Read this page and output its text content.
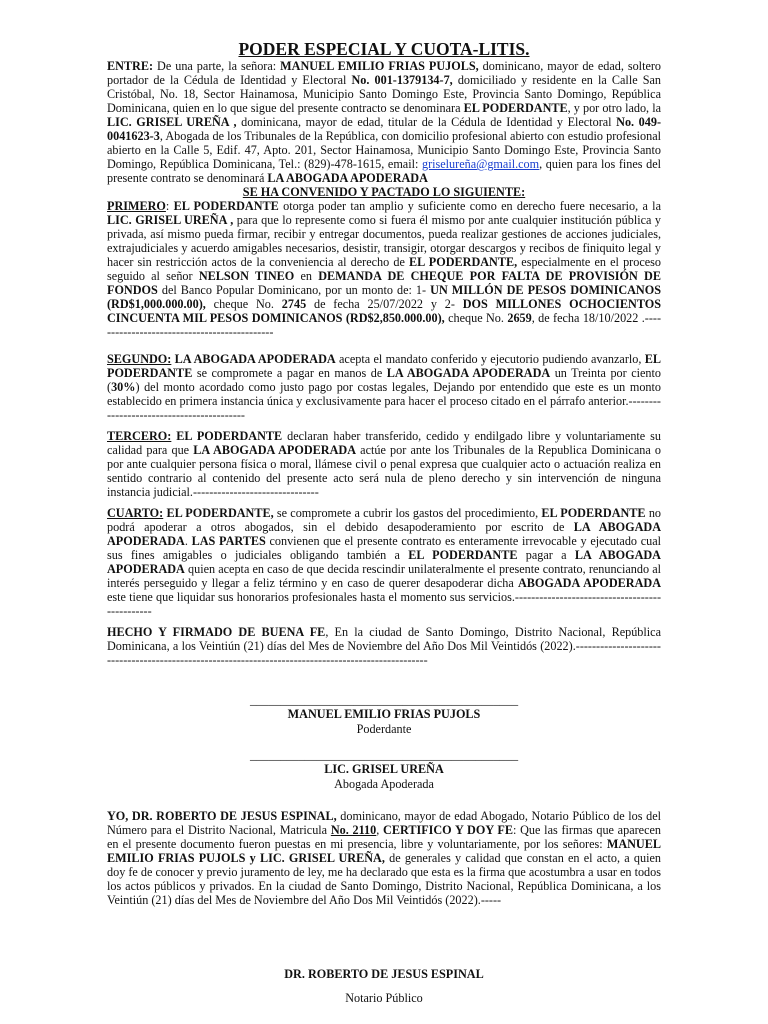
PODER ESPECIAL Y CUOTA-LITIS.

ENTRE: De una parte, la señora: MANUEL EMILIO FRIAS PUJOLS, dominicano, mayor de edad, soltero portador de la Cédula de Identidad y Electoral No. 001-1379134-7, domiciliado y residente en la Calle San Cristóbal, No. 18, Sector Hainamosa, Municipio Santo Domingo Este, Provincia Santo Domingo, República Dominicana, quien en lo que sigue del presente contracto se denominara EL PODERDANTE, y por otro lado, la LIC. GRISEL UREÑA , dominicana, mayor de edad, titular de la Cédula de Identidad y Electoral No. 049-0041623-3, Abogada de los Tribunales de la República, con domicilio profesional abierto con estudio profesional abierto en la Calle 5, Edif. 47, Apto. 201, Sector Hainamosa, Municipio Santo Domingo Este, Provincia Santo Domingo, República Dominicana, Tel.: (829)-478-1615, email: griselureña@gmail.com, quien para los fines del presente contrato se denominará LA ABOGADA APODERADA

SE HA CONVENIDO Y PACTADO LO SIGUIENTE:

PRIMERO: EL PODERDANTE otorga poder tan amplio y suficiente como en derecho fuere necesario, a la LIC. GRISEL UREÑA , para que lo represente como si fuera él mismo por ante cualquier institución pública y privada, así mismo pueda firmar, recibir y entregar documentos, pueda realizar gestiones de acciones judiciales, extrajudiciales y acuerdo amigables necesarios, desistir, transigir, otorgar descargos y recibos de finiquito legal y hacer sin restricción actos de la conveniencia al derecho de EL PODERDANTE, especialmente en el proceso seguido al señor NELSON TINEO en DEMANDA DE CHEQUE POR FALTA DE PROVISIÓN DE FONDOS del Banco Popular Dominicano, por un monto de: 1- UN MILLÓN DE PESOS DOMINICANOS (RD$1,000.000.00), cheque No. 2745 de fecha 25/07/2022 y 2- DOS MILLONES OCHOCIENTOS CINCUENTA MIL PESOS DOMINICANOS (RD$2,850.000.00), cheque No. 2659, de fecha 18/10/2022 .---------------------------------------------

SEGUNDO: LA ABOGADA APODERADA acepta el mandato conferido y ejecutorio pudiendo avanzarlo, EL PODERDANTE se compromete a pagar en manos de LA ABOGADA APODERADA un Treinta por ciento (30%) del monto acordado como justo pago por costas legales, Dejando por entendido que este es un monto establecido en primera instancia única y exclusivamente para hacer el proceso citado en el párrafo anterior.------------------------------------------

TERCERO: EL PODERDANTE declaran haber transferido, cedido y endilgado libre y voluntariamente su calidad para que LA ABOGADA APODERADA actúe por ante los Tribunales de la Republica Dominicana o por ante cualquier persona física o moral, llámese civil o penal expresa que cualquier acto o actuación realiza en sentido contrario al contenido del presente acto será nula de pleno derecho y sin intervención de ninguna instancia judicial.-------------------------------

CUARTO: EL PODERDANTE, se compromete a cubrir los gastos del procedimiento, EL PODERDANTE no podrá apoderar a otros abogados, sin el debido desapoderamiento por escrito de LA ABOGADA APODERADA. LAS PARTES convienen que el presente contrato es enteramente irrevocable y ejecutado cual sus fines amigables o judiciales obligando también a EL PODERDANTE pagar a LA ABOGADA APODERADA quien acepta en caso de que decida rescindir unilateralmente el presente contrato, renunciando al interés perseguido y llegar a feliz término y en caso de querer desapoderar dicha ABOGADA APODERADA este tiene que liquidar sus honorarios profesionales hasta el momento sus servicios.-----------------------------------------------

HECHO Y FIRMADO DE BUENA FE, En la ciudad de Santo Domingo, Distrito Nacional, República Dominicana, a los Veintiún (21) días del Mes de Noviembre del Año Dos Mil Veintidós (2022).----------------------------------------------------------------------------------------------------

____________________________________________
MANUEL EMILIO FRIAS PUJOLS
Poderdante
____________________________________________
LIC. GRISEL UREÑA
Abogada Apoderada

YO, DR. ROBERTO DE JESUS ESPINAL, dominicano, mayor de edad Abogado, Notario Público de los del Número para el Distrito Nacional, Matricula No. 2110, CERTIFICO Y DOY FE: Que las firmas que aparecen en el presente documento fueron puestas en mi presencia, libre y voluntariamente, por los señores: MANUEL EMILIO FRIAS PUJOLS y LIC. GRISEL UREÑA, de generales y calidad que constan en el acto, a quien doy fe de conocer y previo juramento de ley, me ha declarado que esta es la firma que acostumbra a usar en todos los actos públicos y privados. En la ciudad de Santo Domingo, Distrito Nacional, República Dominicana, a los Veintiún (21) días del Mes de Noviembre del Año Dos Mil Veintidós (2022).-----

DR. ROBERTO DE JESUS ESPINAL
Notario Público
